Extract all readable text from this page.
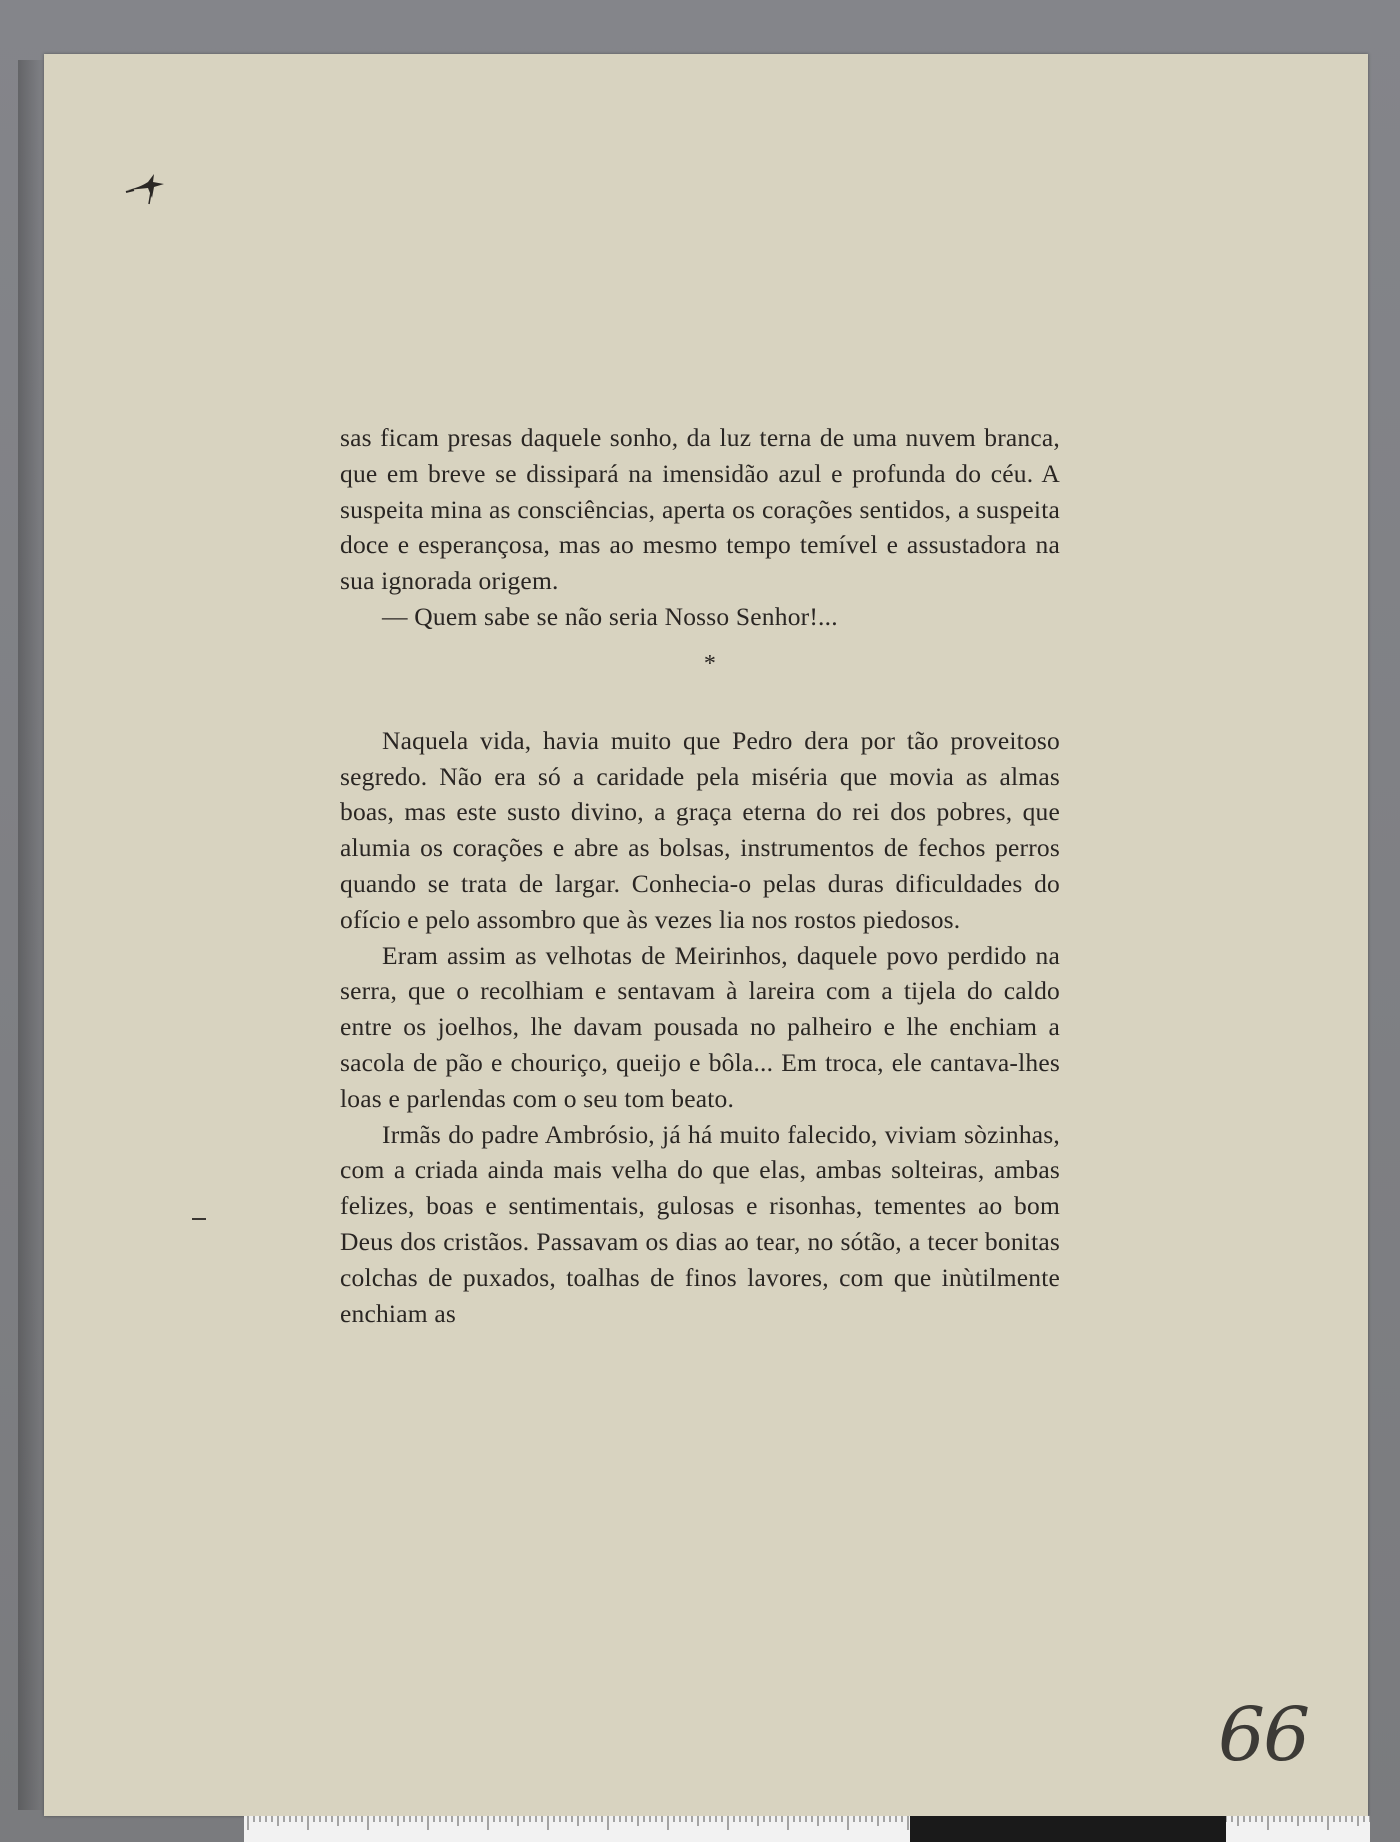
sas ficam presas daquele sonho, da luz terna de uma nuvem branca, que em breve se dissipará na imensidão azul e profunda do céu. A suspeita mina as consciências, aperta os corações sentidos, a suspeita doce e esperançosa, mas ao mesmo tempo temível e assustadora na sua ignorada origem.

— Quem sabe se não seria Nosso Senhor!...

*

Naquela vida, havia muito que Pedro dera por tão proveitoso segredo. Não era só a caridade pela miséria que movia as almas boas, mas este susto divino, a graça eterna do rei dos pobres, que alumia os corações e abre as bolsas, instrumentos de fechos perros quando se trata de largar. Conhecia-o pelas duras dificuldades do ofício e pelo assombro que às vezes lia nos rostos piedosos.

Eram assim as velhotas de Meirinhos, daquele povo perdido na serra, que o recolhiam e sentavam à lareira com a tijela do caldo entre os joelhos, lhe davam pousada no palheiro e lhe enchiam a sacola de pão e chouriço, queijo e bôla... Em troca, ele cantava-lhes loas e parlendas com o seu tom beato.

Irmãs do padre Ambrósio, já há muito falecido, viviam sòzinhas, com a criada ainda mais velha do que elas, ambas solteiras, ambas felizes, boas e sentimentais, gulosas e risonhas, tementes ao bom Deus dos cristãos. Passavam os dias ao tear, no sótão, a tecer bonitas colchas de puxados, toalhas de finos lavores, com que inùtilmente enchiam as

66
